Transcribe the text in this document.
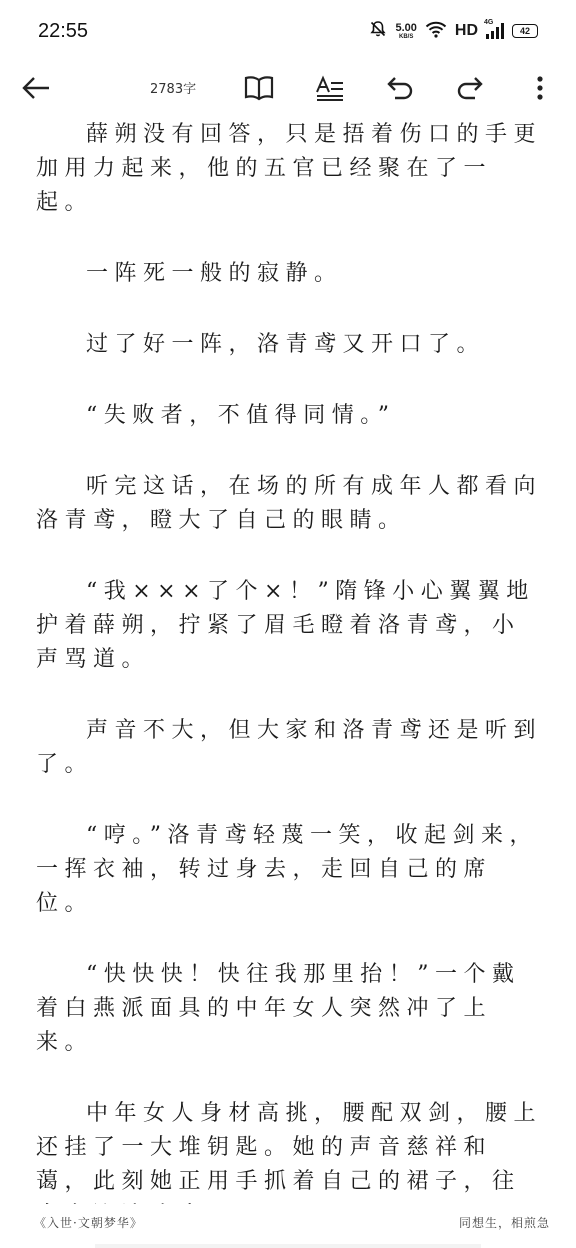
22:55	5.00
KB/S	HD 4G
42
2783字

薛朔没有回答，只是捂着伤口的手更加用力起来，他的五官已经聚在了一起。

一阵死一般的寂静。

过了好一阵，洛青鸢又开口了。

“失败者，不值得同情。”

听完这话，在场的所有成年人都看向洛青鸢，瞪大了自己的眼睛。

“我×××了个×！”隋锋小心翼翼地护着薛朔，拧紧了眉毛瞪着洛青鸢，小声骂道。

声音不大，但大家和洛青鸢还是听到了。

“哼。”洛青鸢轻蔑一笑，收起剑来，一挥衣袖，转过身去，走回自己的席位。

“快快快！快往我那里抬！”一个戴着白燕派面具的中年女人突然冲了上来。

中年女人身材高挑，腰配双剑，腰上还挂了一大堆钥匙。她的声音慈祥和蔼，此刻她正用手抓着自己的裙子，往

《入世·文朝梦华》	同想生，相煎急
